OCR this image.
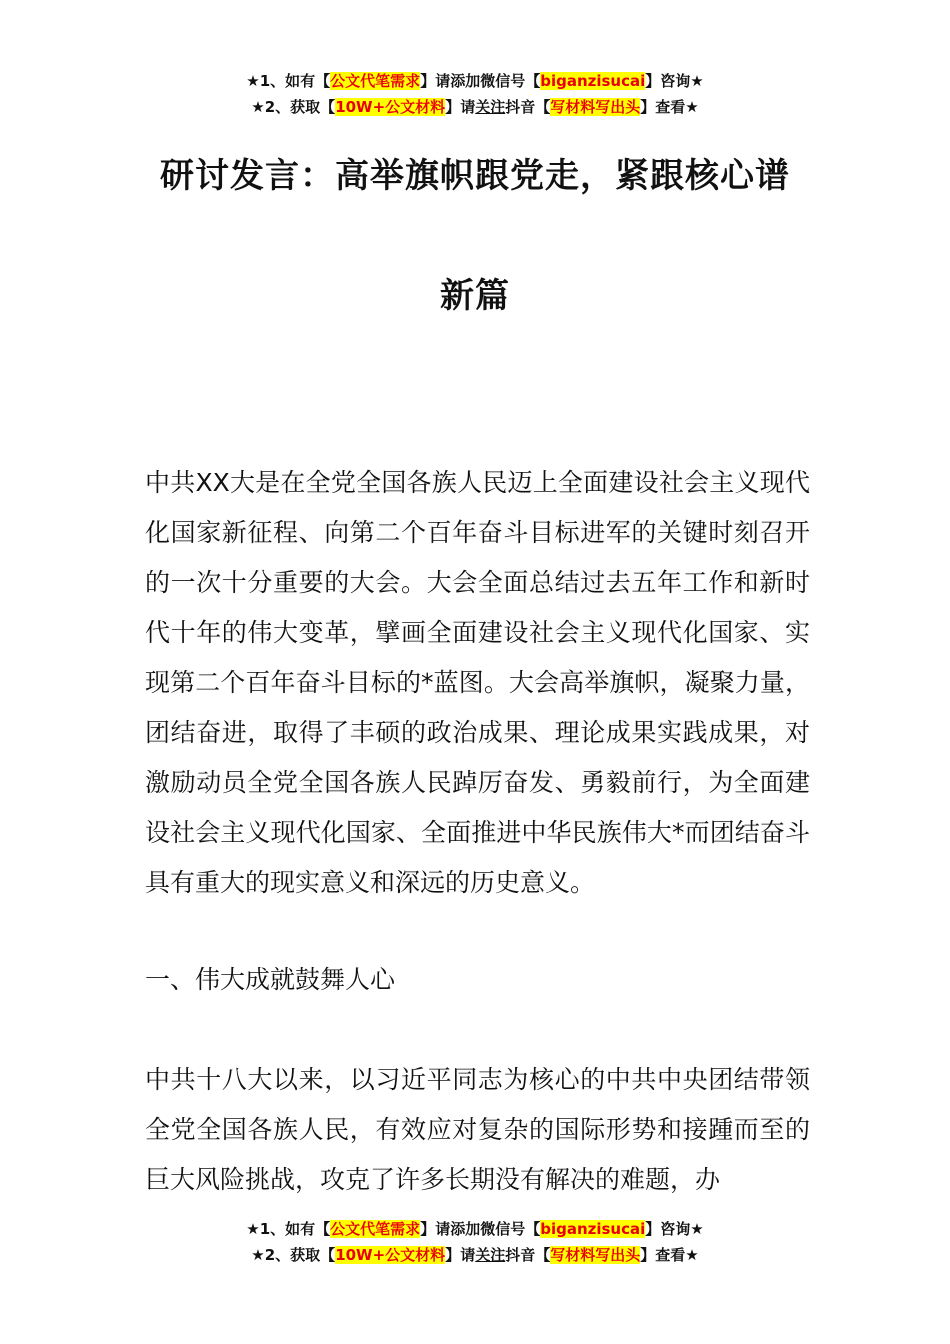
★1、如有【公文代笔需求】请添加微信号【biganzisucai】咨询★
★2、获取【10W+公文材料】请关注抖音【写材料写出头】查看★
研讨发言：高举旗帜跟党走，紧跟核心谱
新篇

中共XX大是在全党全国各族人民迈上全面建设社会主义现代化国家新征程、向第二个百年奋斗目标进军的关键时刻召开的一次十分重要的大会。大会全面总结过去五年工作和新时代十年的伟大变革，擘画全面建设社会主义现代化国家、实现第二个百年奋斗目标的*蓝图。大会高举旗帜，凝聚力量，团结奋进，取得了丰硕的政治成果、理论成果实践成果，对激励动员全党全国各族人民踔厉奋发、勇毅前行，为全面建设社会主义现代化国家、全面推进中华民族伟大*而团结奋斗具有重大的现实意义和深远的历史意义。

一、伟大成就鼓舞人心

中共十八大以来，以习近平同志为核心的中共中央团结带领全党全国各族人民，有效应对复杂的国际形势和接踵而至的巨大风险挑战，攻克了许多长期没有解决的难题，办

★1、如有【公文代笔需求】请添加微信号【biganzisucai】咨询★
★2、获取【10W+公文材料】请关注抖音【写材料写出头】查看★
